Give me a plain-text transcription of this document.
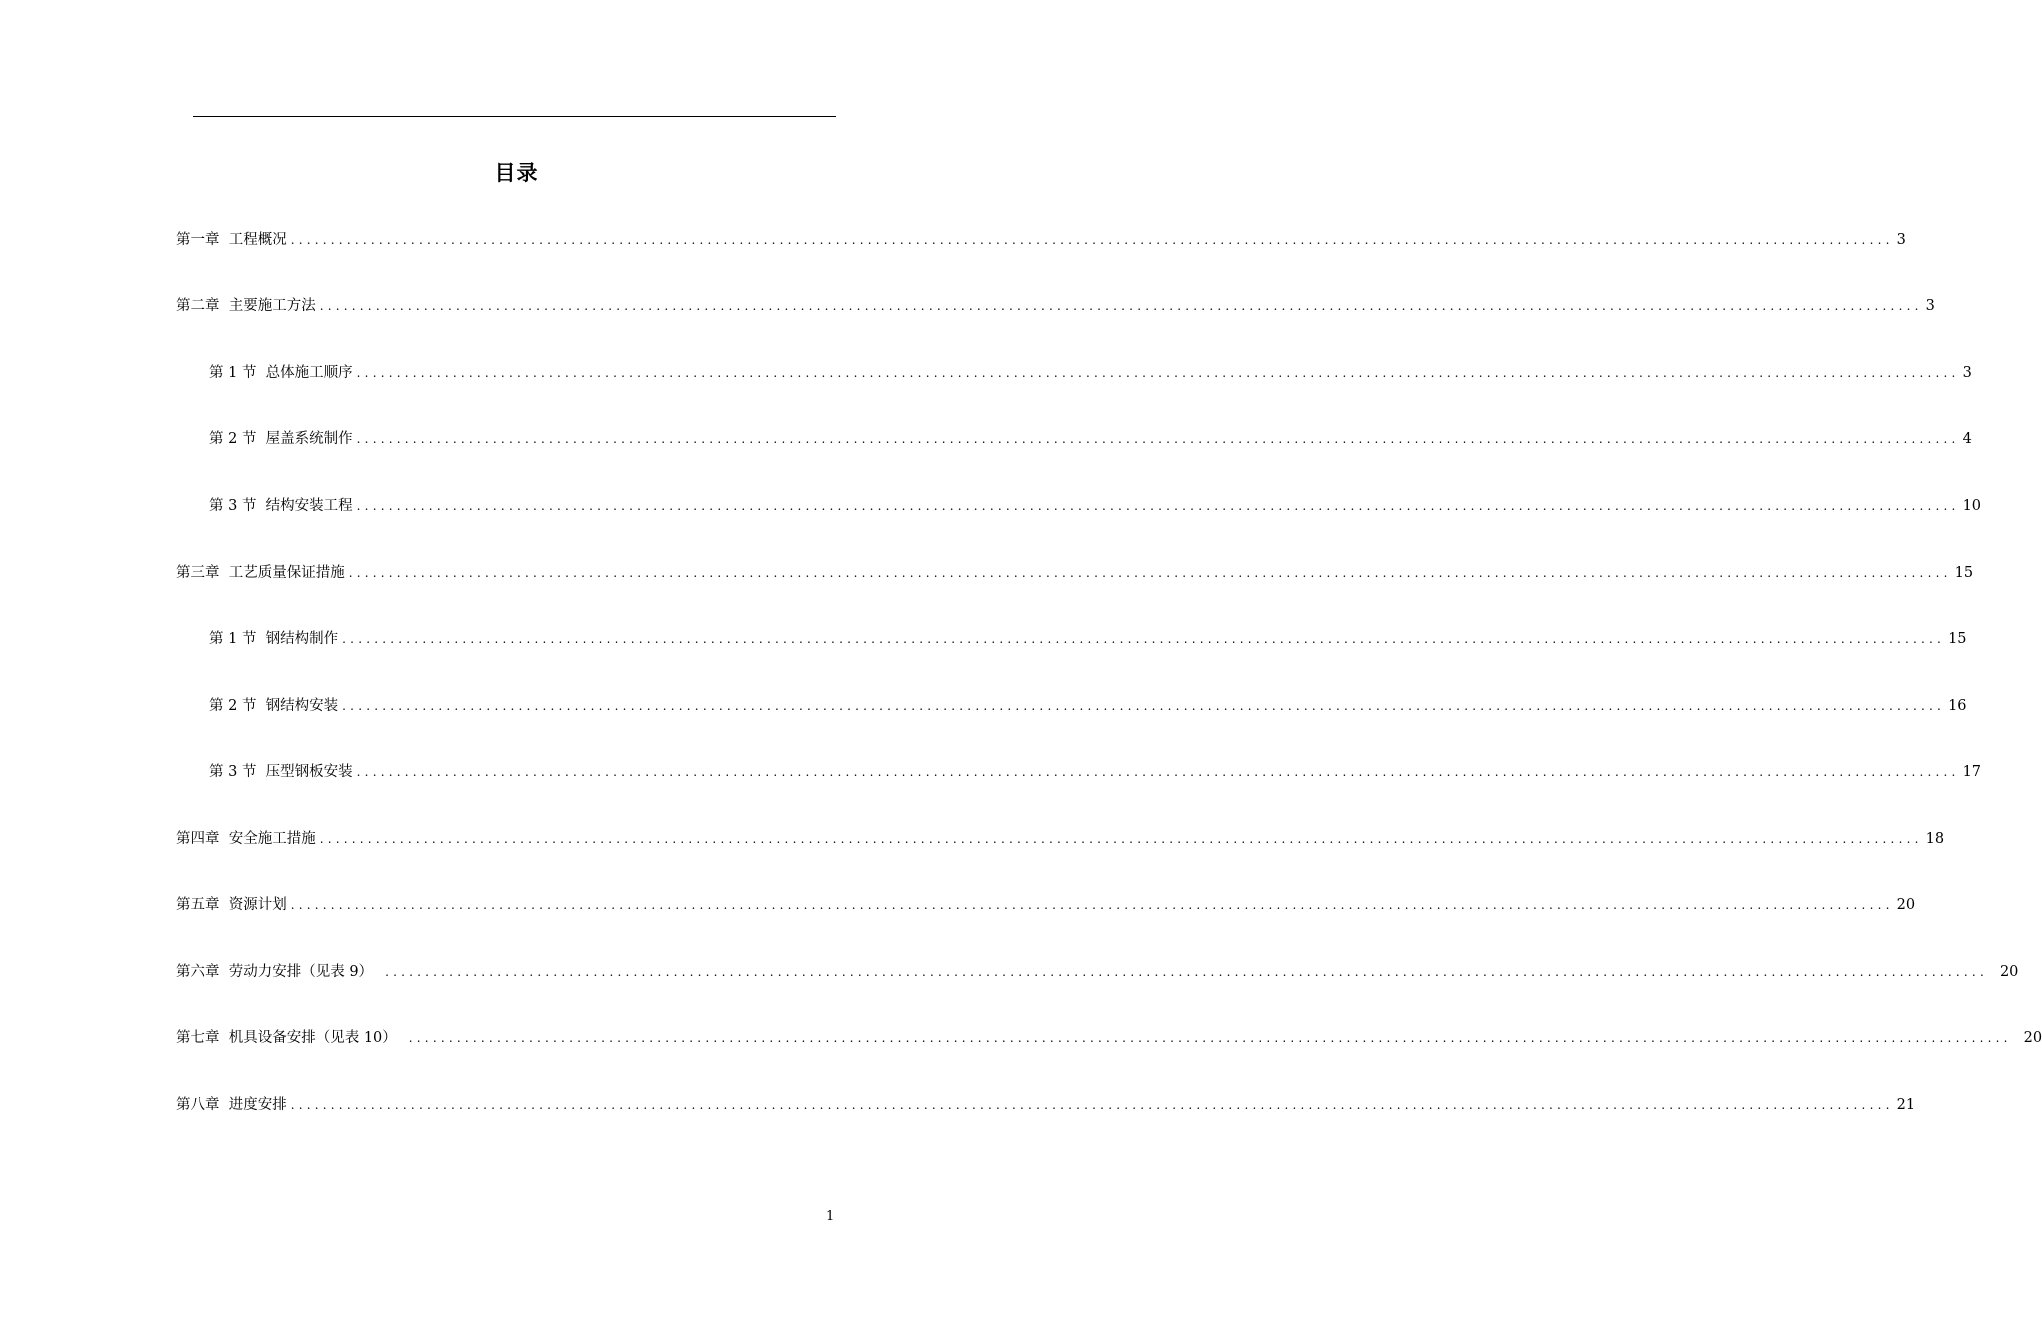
目录
第一章  工程概况 ........................................................................................................................................................................................................ 3
第二章  主要施工方法 ........................................................................................................................................................................................................ 3
第 1 节  总体施工顺序 ........................................................................................................................................................................................................ 3
第 2 节  屋盖系统制作 ........................................................................................................................................................................................................ 4
第 3 节  结构安装工程 ........................................................................................................................................................................................................ 10
第三章  工艺质量保证措施 ........................................................................................................................................................................................................ 15
第 1 节  钢结构制作 ........................................................................................................................................................................................................ 15
第 2 节  钢结构安装 ........................................................................................................................................................................................................ 16
第 3 节  压型钢板安装 ........................................................................................................................................................................................................ 17
第四章  安全施工措施 ........................................................................................................................................................................................................ 18
第五章  资源计划 ........................................................................................................................................................................................................ 20
第六章  劳动力安排（见表 9） ........................................................................................................................................................................................................ 20
第七章  机具设备安排（见表 10） ........................................................................................................................................................................................................ 20
第八章  进度安排 ........................................................................................................................................................................................................ 21
1
